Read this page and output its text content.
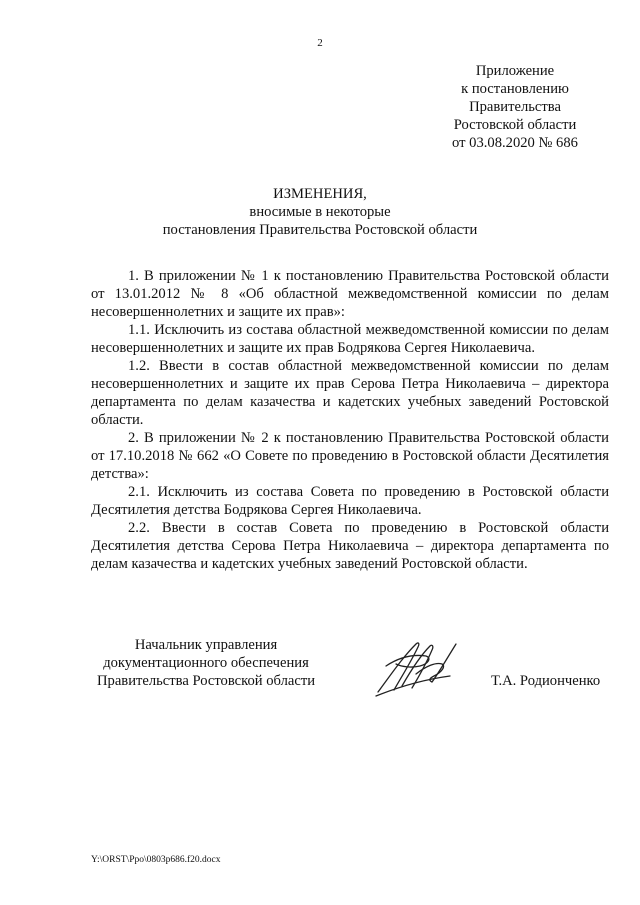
2
Приложение
к постановлению
Правительства
Ростовской области
от 03.08.2020 № 686
ИЗМЕНЕНИЯ,
вносимые в некоторые
постановления Правительства Ростовской области

1. В приложении № 1 к постановлению Правительства Ростовской области от 13.01.2012 № 8 «Об областной межведомственной комиссии по делам несовершеннолетних и защите их прав»:

1.1. Исключить из состава областной межведомственной комиссии по делам несовершеннолетних и защите их прав Бодрякова Сергея Николаевича.

1.2. Ввести в состав областной межведомственной комиссии по делам несовершеннолетних и защите их прав Серова Петра Николаевича – директора департамента по делам казачества и кадетских учебных заведений Ростовской области.

2. В приложении № 2 к постановлению Правительства Ростовской области от 17.10.2018 № 662 «О Совете по проведению в Ростовской области Десятилетия детства»:

2.1. Исключить из состава Совета по проведению в Ростовской области Десятилетия детства Бодрякова Сергея Николаевича.

2.2. Ввести в состав Совета по проведению в Ростовской области Десятилетия детства Серова Петра Николаевича – директора департамента по делам казачества и кадетских учебных заведений Ростовской области.

Начальник управления
документационного обеспечения
Правительства Ростовской области	Т.А. Родионченко
Y:\ORST\Ppo\0803p686.f20.docx
